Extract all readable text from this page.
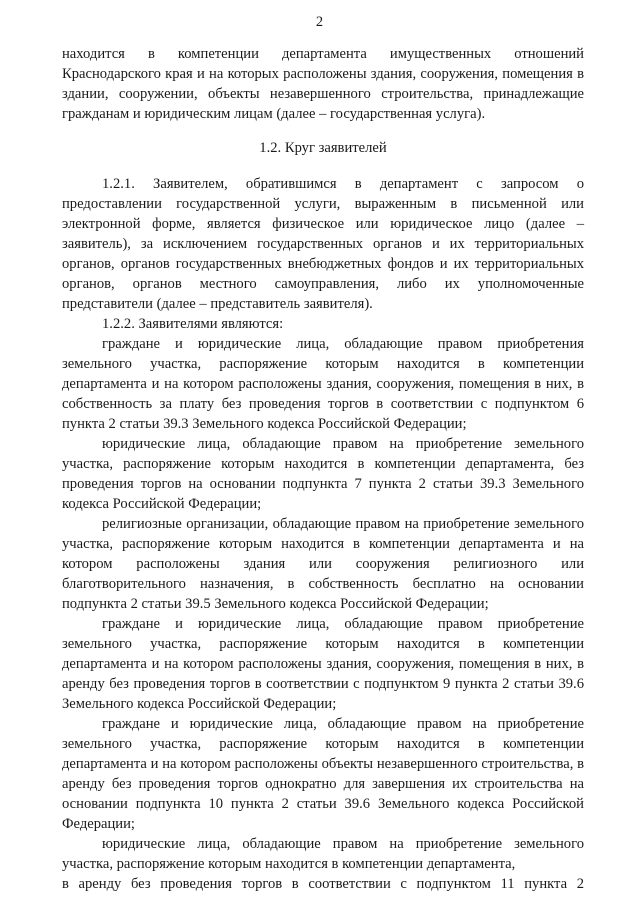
2

находится в компетенции департамента имущественных отношений Краснодарского края и на которых расположены здания, сооружения, помещения в здании, сооружении, объекты незавершенного строительства, принадлежащие гражданам и юридическим лицам (далее – государственная услуга).

1.2. Круг заявителей

1.2.1. Заявителем, обратившимся в департамент с запросом о предоставлении государственной услуги, выраженным в письменной или электронной форме, является физическое или юридическое лицо (далее – заявитель), за исключением государственных органов и их территориальных органов, органов государственных внебюджетных фондов и их территориальных органов, органов местного самоуправления, либо их уполномоченные представители (далее – представитель заявителя).

1.2.2. Заявителями являются:

граждане и юридические лица, обладающие правом приобретения земельного участка, распоряжение которым находится в компетенции департамента и на котором расположены здания, сооружения, помещения в них, в собственность за плату без проведения торгов в соответствии с подпунктом 6 пункта 2 статьи 39.3 Земельного кодекса Российской Федерации;

юридические лица, обладающие правом на приобретение земельного участка, распоряжение которым находится в компетенции департамента, без проведения торгов на основании подпункта 7 пункта 2 статьи 39.3 Земельного кодекса Российской Федерации;

религиозные организации, обладающие правом на приобретение земельного участка, распоряжение которым находится в компетенции департамента и на котором расположены здания или сооружения религиозного или благотворительного назначения, в собственность бесплатно на основании подпункта 2 статьи 39.5 Земельного кодекса Российской Федерации;

граждане и юридические лица, обладающие правом приобретение земельного участка, распоряжение которым находится в компетенции департамента и на котором расположены здания, сооружения, помещения в них, в аренду без проведения торгов в соответствии с подпунктом 9 пункта 2 статьи 39.6 Земельного кодекса Российской Федерации;

граждане и юридические лица, обладающие правом на приобретение земельного участка, распоряжение которым находится в компетенции департамента и на котором расположены объекты незавершенного строительства, в аренду без проведения торгов однократно для завершения их строительства на основании подпункта 10 пункта 2 статьи 39.6 Земельного кодекса Российской Федерации;

юридические лица, обладающие правом на приобретение земельного участка, распоряжение которым находится в компетенции департамента,

в аренду без проведения торгов в соответствии с подпунктом 11 пункта 2
